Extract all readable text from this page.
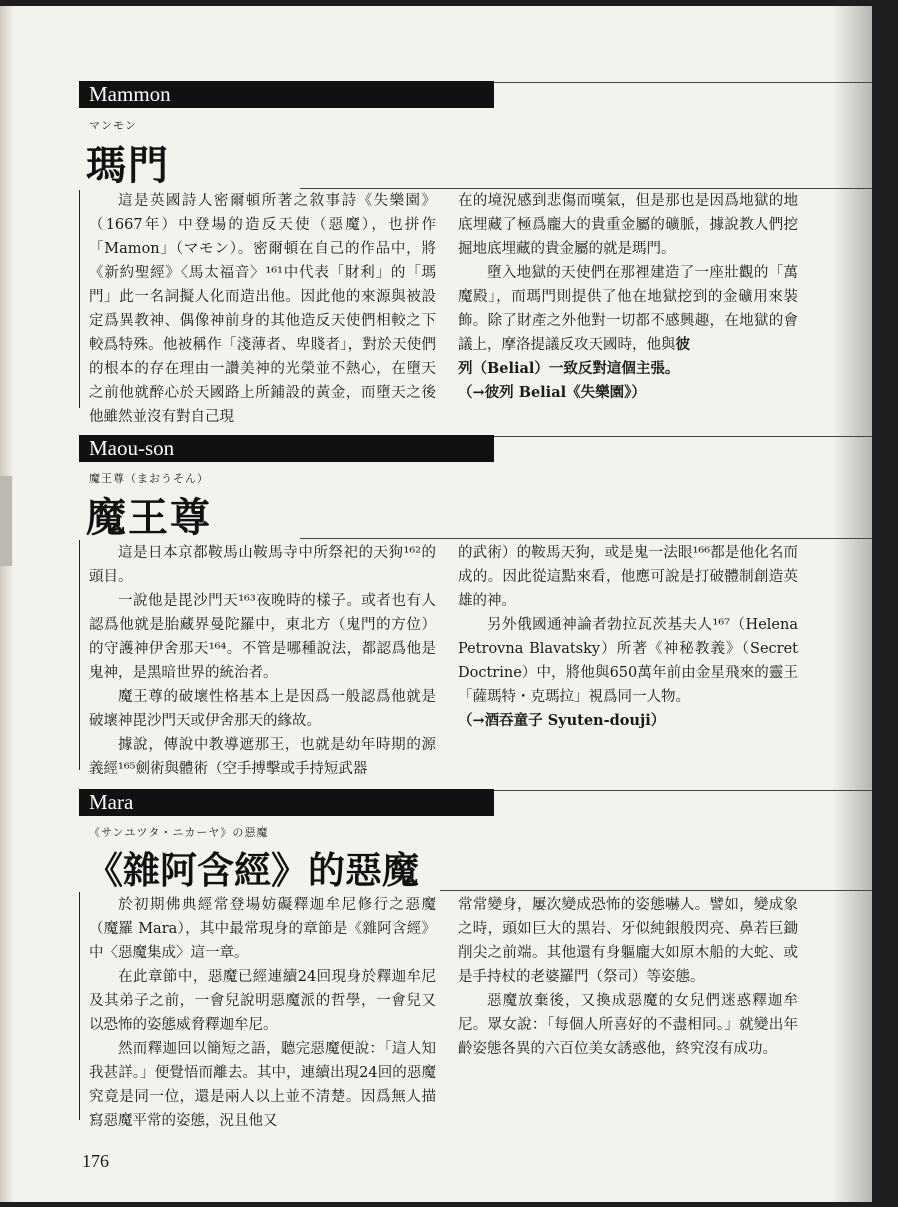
Mammon
マンモン
瑪門

這是英國詩人密爾頓所著之敘事詩《失樂園》（1667年）中登場的造反天使（惡魔），也拼作「Mamon」（マモン）。密爾頓在自己的作品中，將《新約聖經》〈馬太福音〉¹⁶¹中代表「財利」的「瑪門」此一名詞擬人化而造出他。因此他的來源與被設定爲異教神、偶像神前身的其他造反天使們相較之下較爲特殊。他被稱作「淺薄者、卑賤者」，對於天使們的根本的存在理由一讚美神的光榮並不熱心，在墮天之前他就醉心於天國路上所鋪設的黃金，而墮天之後他雖然並沒有對自己現

在的境況感到悲傷而嘆氣，但是那也是因爲地獄的地底埋藏了極爲龐大的貴重金屬的礦脈，據說教人們挖掘地底埋藏的貴金屬的就是瑪門。

墮入地獄的天使們在那裡建造了一座壯觀的「萬魔殿」，而瑪門則提供了他在地獄挖到的金礦用來裝飾。除了財產之外他對一切都不感興趣，在地獄的會議上，摩洛提議反攻天國時，他與彼

列（Belial）一致反對這個主張。

（→彼列 Belial《失樂園》）

Maou-son
魔王尊（まおうそん）
魔王尊

這是日本京都鞍馬山鞍馬寺中所祭祀的天狗¹⁶²的頭目。

一說他是毘沙門天¹⁶³夜晚時的樣子。或者也有人認爲他就是胎藏界曼陀羅中，東北方（鬼門的方位）的守護神伊舍那天¹⁶⁴。不管是哪種說法，都認爲他是鬼神，是黑暗世界的統治者。

魔王尊的破壞性格基本上是因爲一般認爲他就是破壞神毘沙門天或伊舍那天的緣故。

據說，傳說中教導遮那王，也就是幼年時期的源義經¹⁶⁵劍術與體術（空手搏擊或手持短武器

的武術）的鞍馬天狗，或是鬼一法眼¹⁶⁶都是他化名而成的。因此從這點來看，他應可說是打破體制創造英雄的神。

另外俄國通神論者勃拉瓦茨基夫人¹⁶⁷（Helena Petrovna Blavatsky）所著《神秘教義》（Secret Doctrine）中，將他與650萬年前由金星飛來的靈王「薩瑪特・克瑪拉」視爲同一人物。

（→酒吞童子 Syuten-douji）

Mara
《サンユツタ・ニカーヤ》の惡魔
《雜阿含經》的惡魔

於初期佛典經常登場妨礙釋迦牟尼修行之惡魔（魔羅 Mara），其中最常現身的章節是《雜阿含經》中〈惡魔集成〉這一章。

在此章節中，惡魔已經連續24回現身於釋迦牟尼及其弟子之前，一會兒說明惡魔派的哲學，一會兒又以恐怖的姿態威脅釋迦牟尼。

然而釋迦回以簡短之語，聽完惡魔便說：「這人知我甚詳。」便覺悟而離去。其中，連續出現24回的惡魔究竟是同一位，還是兩人以上並不清楚。因爲無人描寫惡魔平常的姿態，況且他又

常常變身，屢次變成恐怖的姿態嚇人。譬如，變成象之時，頭如巨大的黑岩、牙似純銀般閃亮、鼻若巨鋤削尖之前端。其他還有身軀龐大如原木船的大蛇、或是手持杖的老婆羅門（祭司）等姿態。

惡魔放棄後，又換成惡魔的女兒們迷惑釋迦牟尼。眾女說：「每個人所喜好的不盡相同。」就變出年齡姿態各異的六百位美女誘惑他，終究沒有成功。

176
